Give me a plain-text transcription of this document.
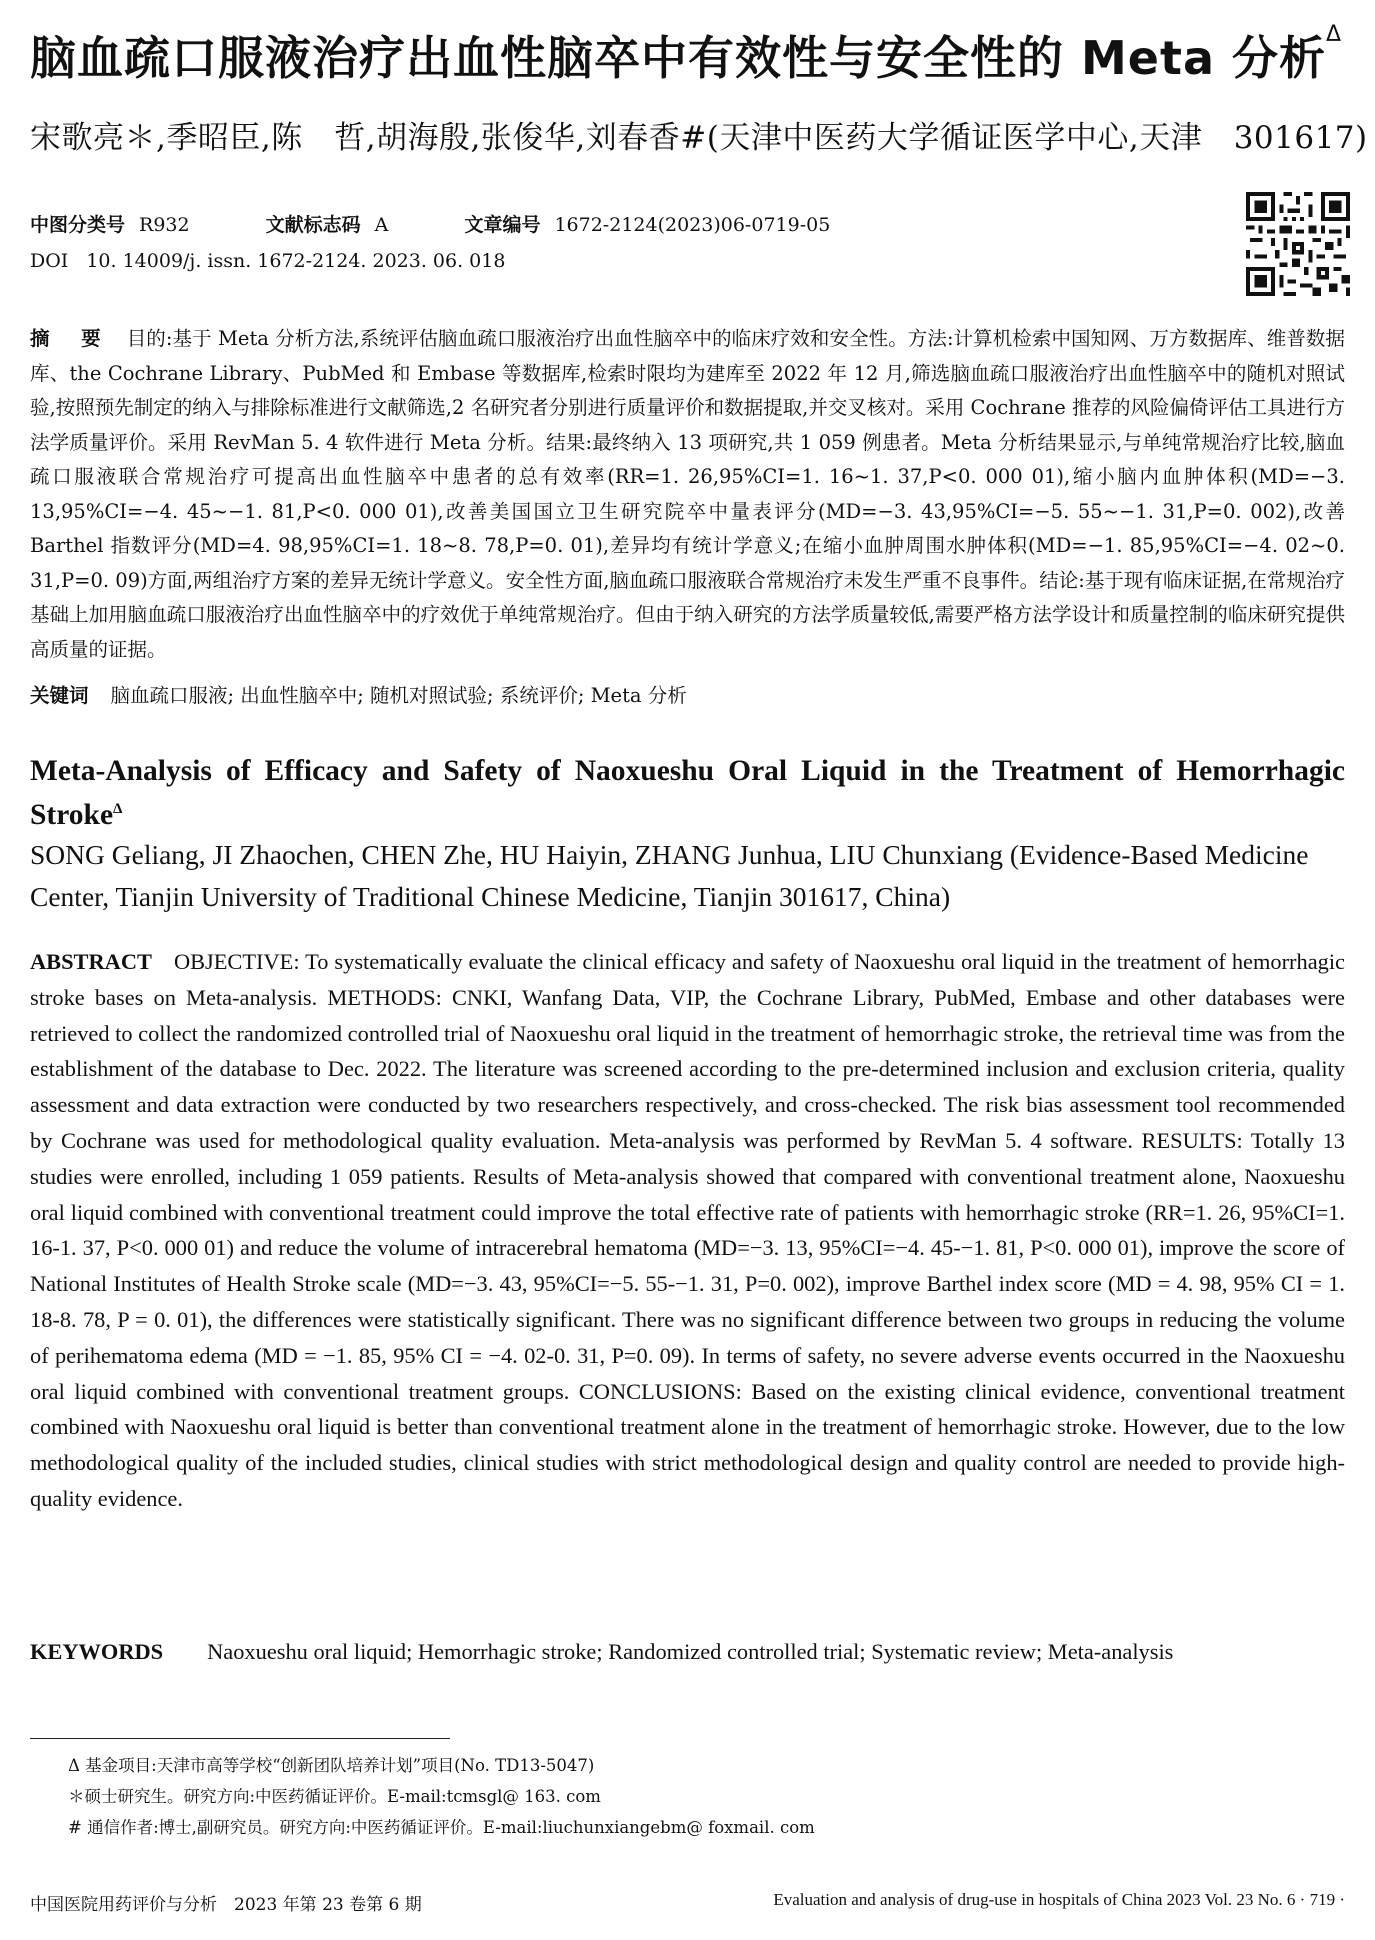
脑血疏口服液治疗出血性脑卒中有效性与安全性的 Meta 分析$^\Delta$
宋歌亮＊,季昭臣,陈　哲,胡海殷,张俊华,刘春香#(天津中医药大学循证医学中心,天津　301617)
中图分类号 R932	文献标志码 A	文章编号 1672-2124(2023)06-0719-05
DOI 10. 14009/j. issn. 1672-2124. 2023. 06. 018
摘　要 目的:基于 Meta 分析方法,系统评估脑血疏口服液治疗出血性脑卒中的临床疗效和安全性。方法:计算机检索中国知网、万方数据库、维普数据库、the Cochrane Library、PubMed 和 Embase 等数据库,检索时限均为建库至 2022 年 12 月,筛选脑血疏口服液治疗出血性脑卒中的随机对照试验,按照预先制定的纳入与排除标准进行文献筛选,2 名研究者分别进行质量评价和数据提取,并交叉核对。采用 Cochrane 推荐的风险偏倚评估工具进行方法学质量评价。采用 RevMan 5. 4 软件进行 Meta 分析。结果:最终纳入 13 项研究,共 1 059 例患者。Meta 分析结果显示,与单纯常规治疗比较,脑血疏口服液联合常规治疗可提高出血性脑卒中患者的总有效率(RR=1. 26,95%CI=1. 16~1. 37,P<0. 000 01),缩小脑内血肿体积(MD=−3. 13,95%CI=−4. 45~−1. 81,P<0. 000 01),改善美国国立卫生研究院卒中量表评分(MD=−3. 43,95%CI=−5. 55~−1. 31,P=0. 002),改善 Barthel 指数评分(MD=4. 98,95%CI=1. 18~8. 78,P=0. 01),差异均有统计学意义;在缩小血肿周围水肿体积(MD=−1. 85,95%CI=−4. 02~0. 31,P=0. 09)方面,两组治疗方案的差异无统计学意义。安全性方面,脑血疏口服液联合常规治疗未发生严重不良事件。结论:基于现有临床证据,在常规治疗基础上加用脑血疏口服液治疗出血性脑卒中的疗效优于单纯常规治疗。但由于纳入研究的方法学质量较低,需要严格方法学设计和质量控制的临床研究提供高质量的证据。
关键词 脑血疏口服液; 出血性脑卒中; 随机对照试验; 系统评价; Meta 分析
Meta-Analysis of Efficacy and Safety of Naoxueshu Oral Liquid in the Treatment of Hemorrhagic Stroke$^\Delta$
SONG Geliang, JI Zhaochen, CHEN Zhe, HU Haiyin, ZHANG Junhua, LIU Chunxiang (Evidence-Based Medicine Center, Tianjin University of Traditional Chinese Medicine, Tianjin 301617, China)
ABSTRACT OBJECTIVE: To systematically evaluate the clinical efficacy and safety of Naoxueshu oral liquid in the treatment of hemorrhagic stroke bases on Meta-analysis. METHODS: CNKI, Wanfang Data, VIP, the Cochrane Library, PubMed, Embase and other databases were retrieved to collect the randomized controlled trial of Naoxueshu oral liquid in the treatment of hemorrhagic stroke, the retrieval time was from the establishment of the database to Dec. 2022. The literature was screened according to the pre-determined inclusion and exclusion criteria, quality assessment and data extraction were conducted by two researchers respectively, and cross-checked. The risk bias assessment tool recommended by Cochrane was used for methodological quality evaluation. Meta-analysis was performed by RevMan 5. 4 software. RESULTS: Totally 13 studies were enrolled, including 1 059 patients. Results of Meta-analysis showed that compared with conventional treatment alone, Naoxueshu oral liquid combined with conventional treatment could improve the total effective rate of patients with hemorrhagic stroke (RR=1. 26, 95%CI=1. 16-1. 37, P<0. 000 01) and reduce the volume of intracerebral hematoma (MD=−3. 13, 95%CI=−4. 45-−1. 81, P<0. 000 01), improve the score of National Institutes of Health Stroke scale (MD=−3. 43, 95%CI=−5. 55-−1. 31, P=0. 002), improve Barthel index score (MD = 4. 98, 95% CI = 1. 18-8. 78, P = 0. 01), the differences were statistically significant. There was no significant difference between two groups in reducing the volume of perihematoma edema (MD = −1. 85, 95% CI = −4. 02-0. 31, P=0. 09). In terms of safety, no severe adverse events occurred in the Naoxueshu oral liquid combined with conventional treatment groups. CONCLUSIONS: Based on the existing clinical evidence, conventional treatment combined with Naoxueshu oral liquid is better than conventional treatment alone in the treatment of hemorrhagic stroke. However, due to the low methodological quality of the included studies, clinical studies with strict methodological design and quality control are needed to provide high-quality evidence.
KEYWORDS Naoxueshu oral liquid; Hemorrhagic stroke; Randomized controlled trial; Systematic review; Meta-analysis
Δ 基金项目:天津市高等学校“创新团队培养计划”项目(No. TD13-5047)
＊硕士研究生。研究方向:中医药循证评价。E-mail:tcmsgl@ 163. com
# 通信作者:博士,副研究员。研究方向:中医药循证评价。E-mail:liuchunxiangebm@ foxmail. com
中国医院用药评价与分析　2023 年第 23 卷第 6 期	Evaluation and analysis of drug-use in hospitals of China 2023 Vol. 23 No. 6 · 719 ·
